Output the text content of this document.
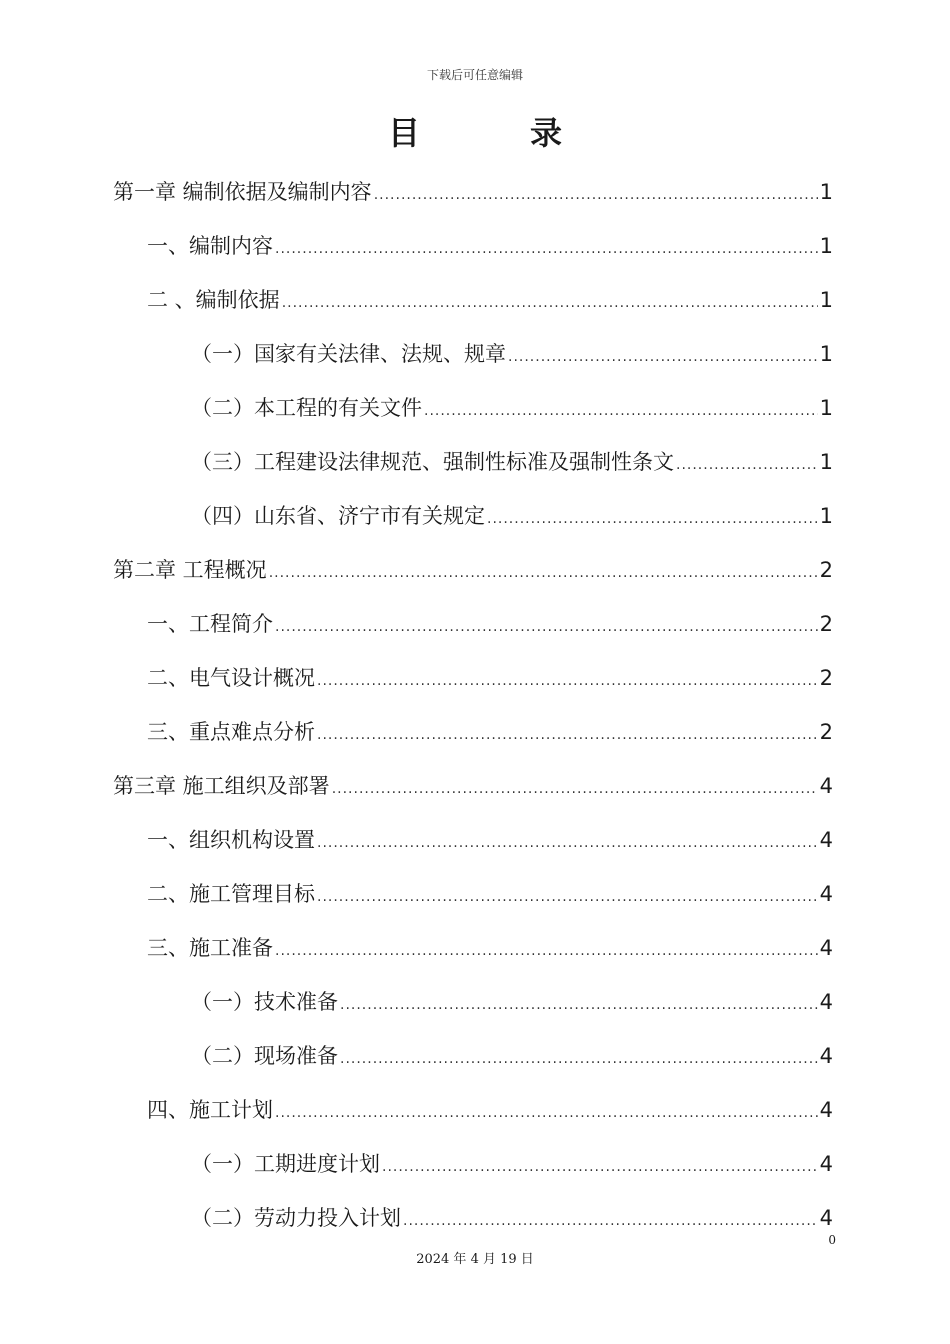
下载后可任意编辑
目	录
第一章 编制依据及编制内容 .....	1
一、编制内容 .....	1
二 、编制依据 .....	1
（一）国家有关法律、法规、规章 .....	1
（二）本工程的有关文件 .....	1
（三）工程建设法律规范、强制性标准及强制性条文 .....	1
（四）山东省、济宁市有关规定 .....	1
第二章 工程概况 .....	2
一、工程简介 .....	2
二、电气设计概况 .....	2
三、重点难点分析 .....	2
第三章 施工组织及部署 .....	4
一、组织机构设置 .....	4
二、施工管理目标 .....	4
三、施工准备 .....	4
（一）技术准备 .....	4
（二）现场准备 .....	4
四、施工计划 .....	4
（一）工期进度计划 .....	4
（二）劳动力投入计划 .....	4
0
2024 年 4 月 19 日
